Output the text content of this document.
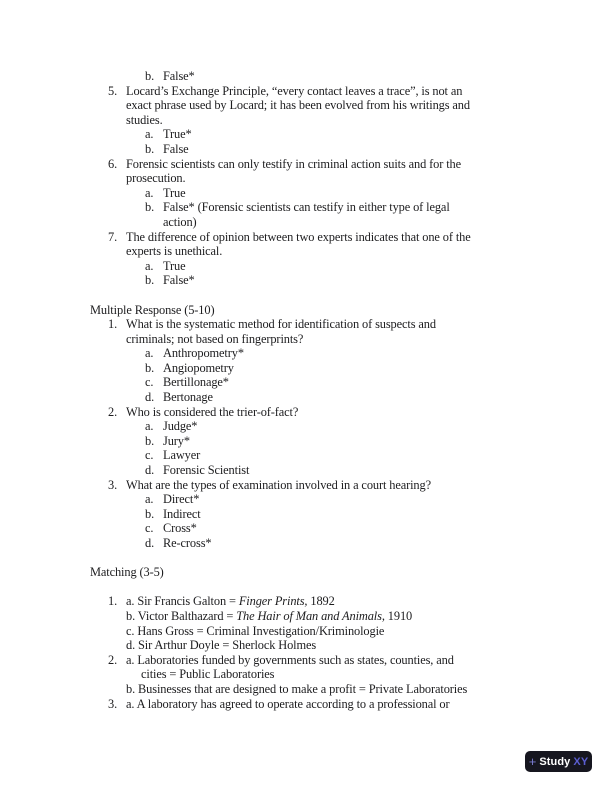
b. False*
5. Locard’s Exchange Principle, “every contact leaves a trace”, is not an
exact phrase used by Locard; it has been evolved from his writings and
studies.
a. True*
b. False
6. Forensic scientists can only testify in criminal action suits and for the
prosecution.
a. True
b. False* (Forensic scientists can testify in either type of legal
action)
7. The difference of opinion between two experts indicates that one of the
experts is unethical.
a. True
b. False*
Multiple Response (5-10)
1. What is the systematic method for identification of suspects and
criminals; not based on fingerprints?
a. Anthropometry*
b. Angiopometry
c. Bertillonage*
d. Bertonage
2. Who is considered the trier-of-fact?
a. Judge*
b. Jury*
c. Lawyer
d. Forensic Scientist
3. What are the types of examination involved in a court hearing?
a. Direct*
b. Indirect
c. Cross*
d. Re-cross*
Matching (3-5)
1. a. Sir Francis Galton = Finger Prints, 1892
b. Victor Balthazard = The Hair of Man and Animals, 1910
c. Hans Gross = Criminal Investigation/Kriminologie
d. Sir Arthur Doyle = Sherlock Holmes
2. a. Laboratories funded by governments such as states, counties, and
cities = Public Laboratories
b. Businesses that are designed to make a profit = Private Laboratories
3. a. A laboratory has agreed to operate according to a professional or
+ Study XY
